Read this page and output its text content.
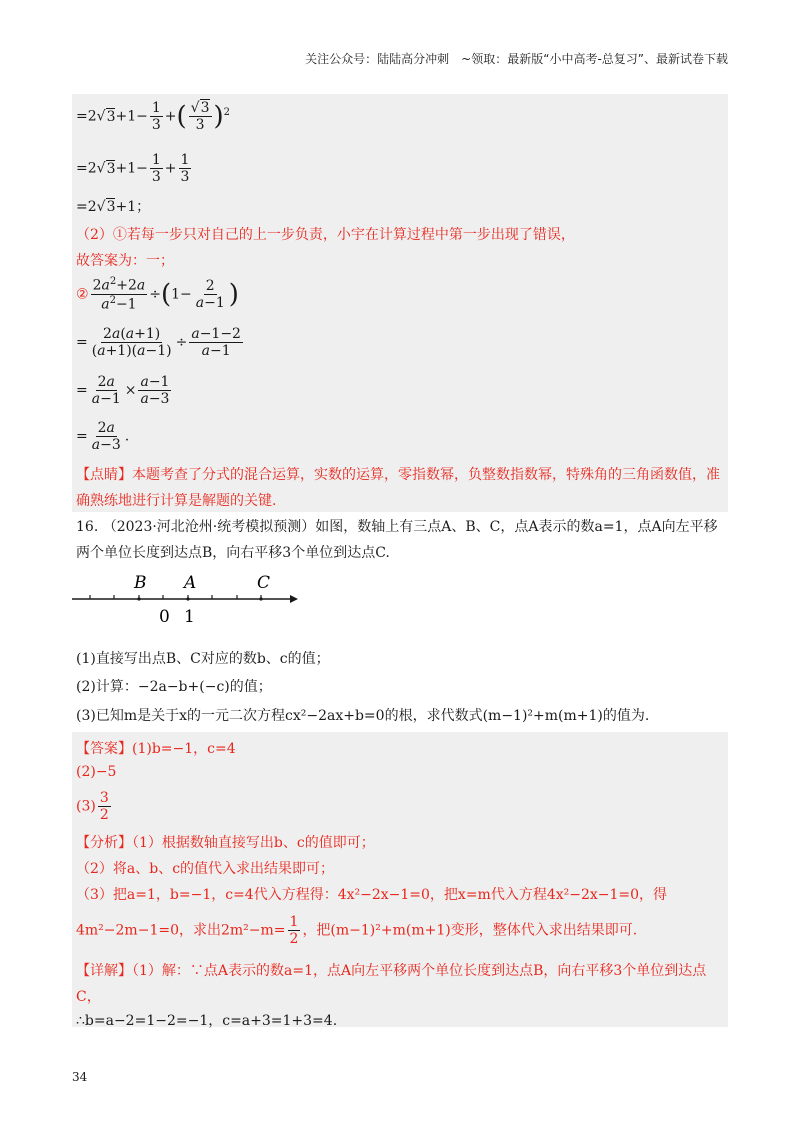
关注公众号：陆陆高分冲刺　~领取：最新版“小中高考-总复习”、最新试卷下载
$=2√3+1- \frac{1}{3}$ +( $\frac{√3}{3} )^2$
$=2√3+1- \frac{1}{3} + \frac{1}{3}$
=2√3+1；
（2）①若每一步只对自己的上一步负责，小宇在计算过程中第一步出现了错误，
故答案为：一；
② $\frac{2a^2+2a}{a^2-1} \div(1- \frac{2}{a-1}$ )
= $\frac{2a(a+1)}{(a+1)(a-1)} \div \frac{a-1-2}{a-1}$
= $\frac{2a}{a-1} \times \frac{a-1}{a-3}$
= $\frac{2a}{a-3}$ .
【点睛】本题考查了分式的混合运算，实数的运算，零指数幂，负整数指数幂，特殊角的三角函数值，准
确熟练地进行计算是解题的关键.
16. （2023·河北沧州·统考模拟预测）如图，数轴上有三点A、B、C，点A表示的数a=1，点A向左平移
两个单位长度到达点B，向右平移3个单位到达点C.
B A	C
0 1
(1)直接写出点B、C对应的数b、c的值；
(2)计算：−2a−b+(−c)的值；
(3)已知m是关于x的一元二次方程cx²−2ax+b=0的根，求代数式(m−1)²+m(m+1)的值为.
【答案】(1)b=−1，c=4
(2)−5
$(3) \frac{3}{2}$
【分析】（1）根据数轴直接写出b、c的值即可；
（2）将a、b、c的值代入求出结果即可；
（3）把a=1，b=−1，c=4代入方程得：4x²−2x−1=0，把x=m代入方程4x²−2x−1=0，得
4m²−2m−1=0，求出$2m^2-m= \frac{1}{2}$ ，把(m−1)²+m(m+1)变形，整体代入求出结果即可.
【详解】（1）解：∵点A表示的数a=1，点A向左平移两个单位长度到达点B，向右平移3个单位到达点
C，
∴b=a−2=1−2=−1，c=a+3=1+3=4.
34
